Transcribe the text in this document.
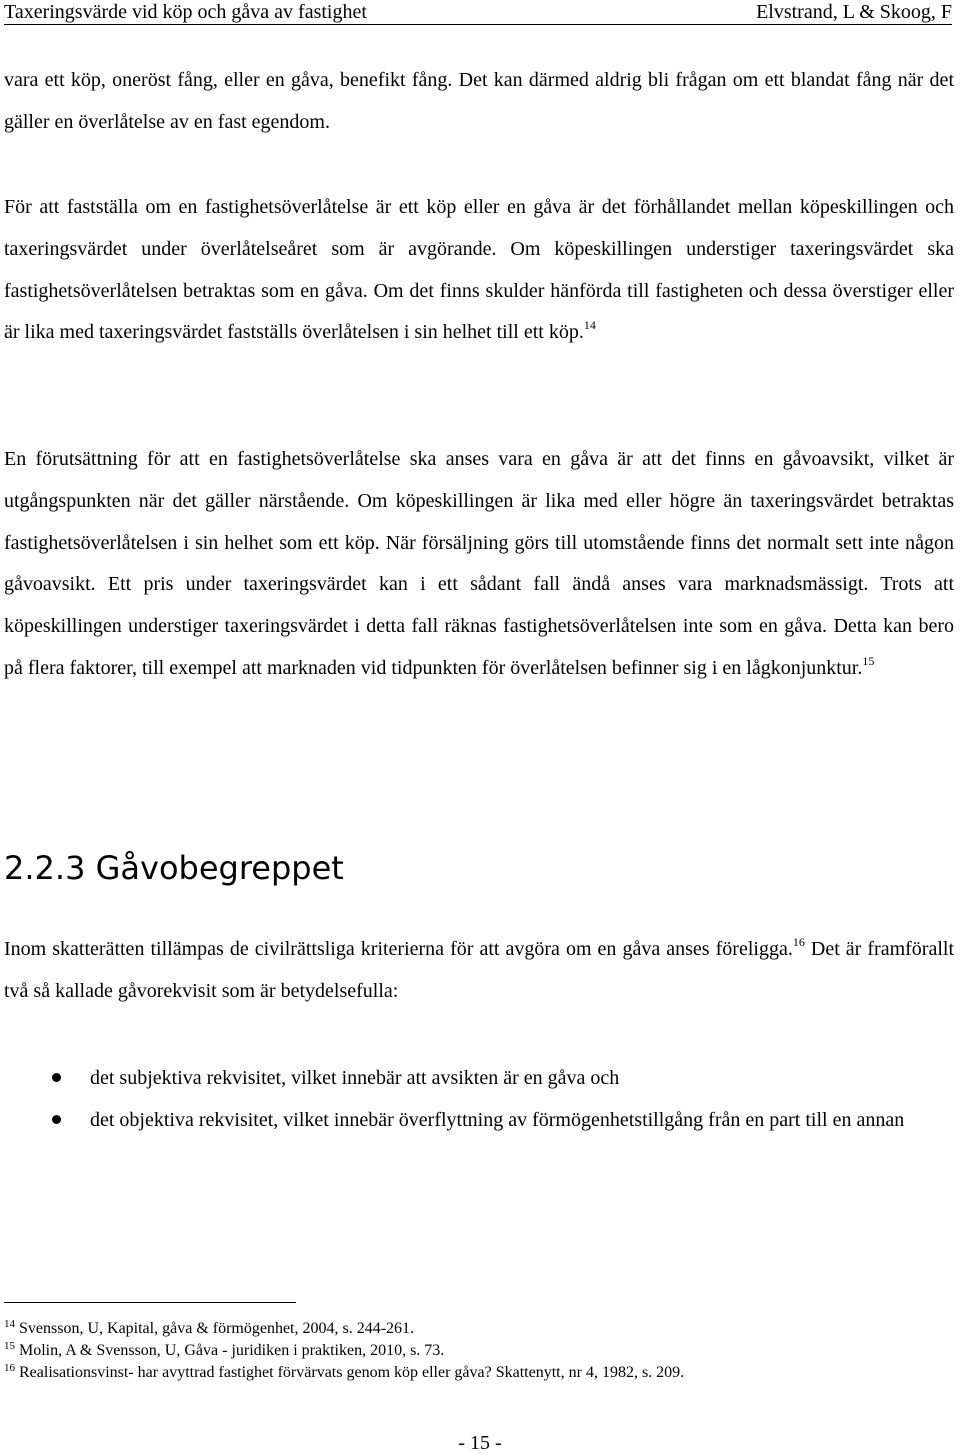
Taxeringsvärde vid köp och gåva av fastighet	Elvstrand, L & Skoog, F

vara ett köp, oneröst fång, eller en gåva, benefikt fång. Det kan därmed aldrig bli frågan om ett blandat fång när det gäller en överlåtelse av en fast egendom.

För att fastställa om en fastighetsöverlåtelse är ett köp eller en gåva är det förhållandet mellan köpeskillingen och taxeringsvärdet under överlåtelseåret som är avgörande. Om köpeskillingen understiger taxeringsvärdet ska fastighetsöverlåtelsen betraktas som en gåva. Om det finns skulder hänförda till fastigheten och dessa överstiger eller är lika med taxeringsvärdet fastställs överlåtelsen i sin helhet till ett köp.$^{14}$

En förutsättning för att en fastighetsöverlåtelse ska anses vara en gåva är att det finns en gåvoavsikt, vilket är utgångspunkten när det gäller närstående. Om köpeskillingen är lika med eller högre än taxeringsvärdet betraktas fastighetsöverlåtelsen i sin helhet som ett köp. När försäljning görs till utomstående finns det normalt sett inte någon gåvoavsikt. Ett pris under taxeringsvärdet kan i ett sådant fall ändå anses vara marknadsmässigt. Trots att köpeskillingen understiger taxeringsvärdet i detta fall räknas fastighetsöverlåtelsen inte som en gåva. Detta kan bero på flera faktorer, till exempel att marknaden vid tidpunkten för överlåtelsen befinner sig i en lågkonjunktur.$^{15}$

2.2.3 Gåvobegreppet

Inom skatterätten tillämpas de civilrättsliga kriterierna för att avgöra om en gåva anses föreligga.$^{16}$ Det är framförallt två så kallade gåvorekvisit som är betydelsefulla:

det subjektiva rekvisitet, vilket innebär att avsikten är en gåva och
det objektiva rekvisitet, vilket innebär överflyttning av förmögenhetstillgång från en part till en annan
$^{14}$ Svensson, U, Kapital, gåva & förmögenhet, 2004, s. 244-261.
$^{15}$ Molin, A & Svensson, U, Gåva - juridiken i praktiken, 2010, s. 73.
$^{16}$ Realisationsvinst- har avyttrad fastighet förvärvats genom köp eller gåva? Skattenytt, nr 4, 1982, s. 209.
- 15 -
